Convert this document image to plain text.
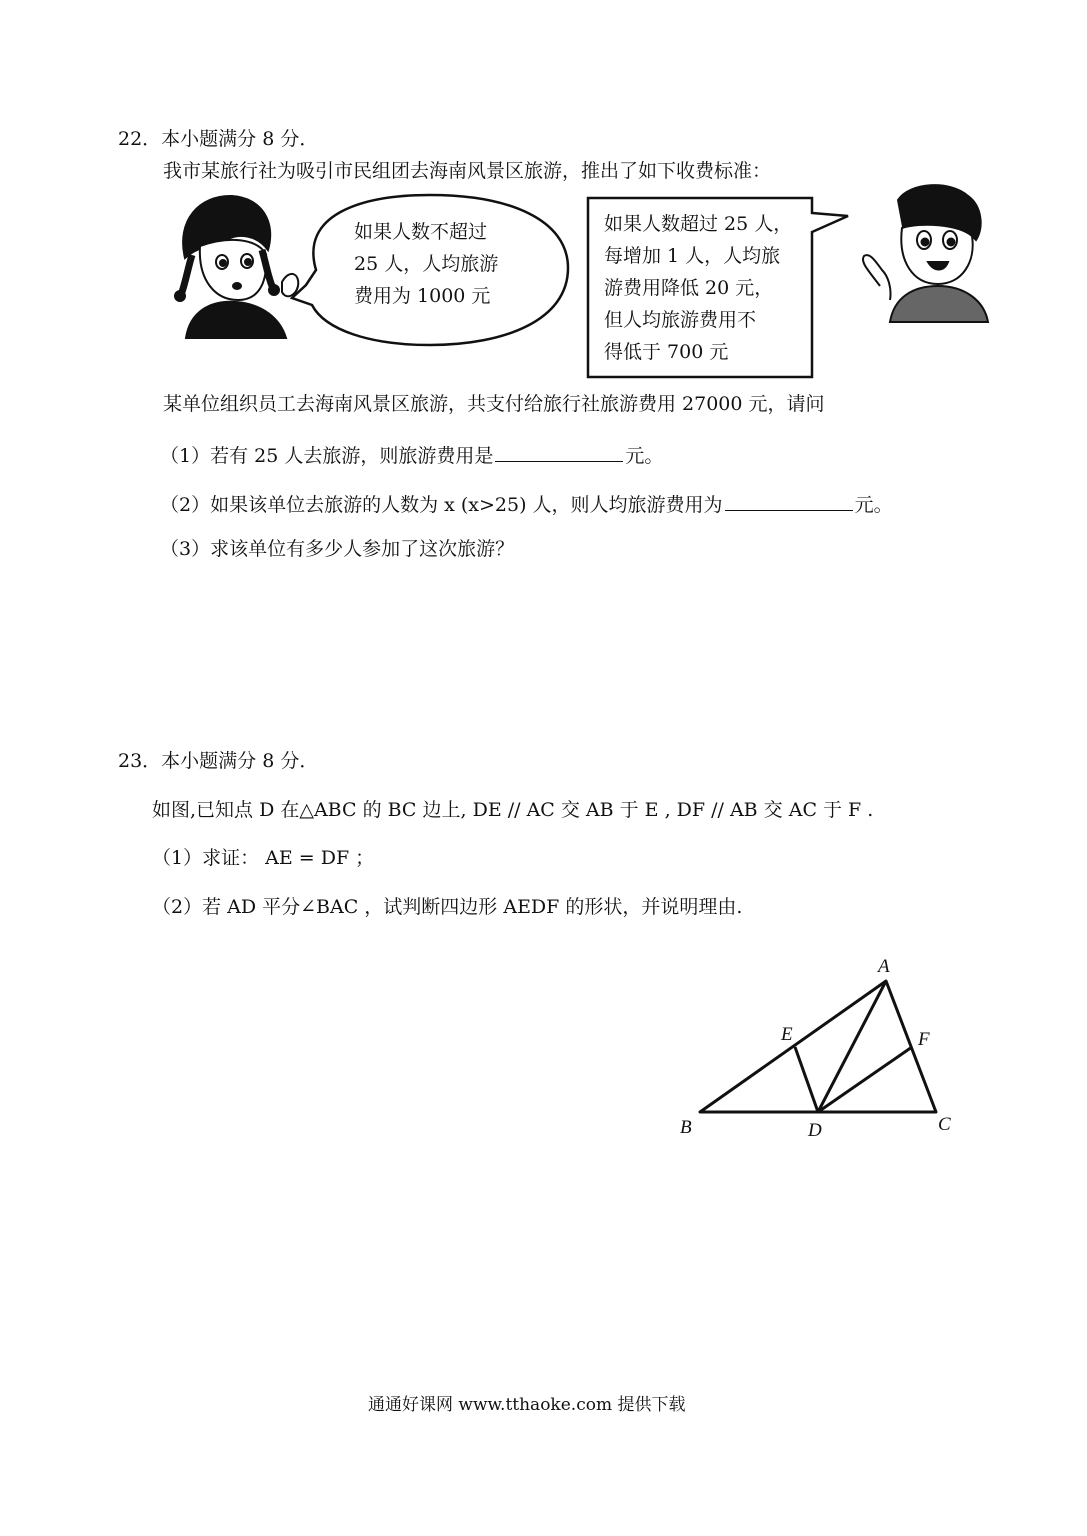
22．本小题满分 8 分．
我市某旅行社为吸引市民组团去海南风景区旅游，推出了如下收费标准：
如果人数不超过
25 人，人均旅游
费用为 1000 元
如果人数超过 25 人，
每增加 1 人，人均旅
游费用降低 20 元，
但人均旅游费用不
得低于 700 元
某单位组织员工去海南风景区旅游，共支付给旅行社旅游费用 27000 元，请问
（1）若有 25 人去旅游，则旅游费用是	元。
（2）如果该单位去旅游的人数为 x (x>25) 人，则人均旅游费用为	元。
（3）求该单位有多少人参加了这次旅游？
23．本小题满分 8 分．
如图,已知点 D 在△ABC 的 BC 边上, DE // AC 交 AB 于 E , DF // AB 交 AC 于 F .
（1）求证： AE = DF ；
（2）若 AD 平分∠BAC ，试判断四边形 AEDF 的形状，并说明理由.
A
E	F
B	D	C
通通好课网 www.tthaoke.com 提供下载
